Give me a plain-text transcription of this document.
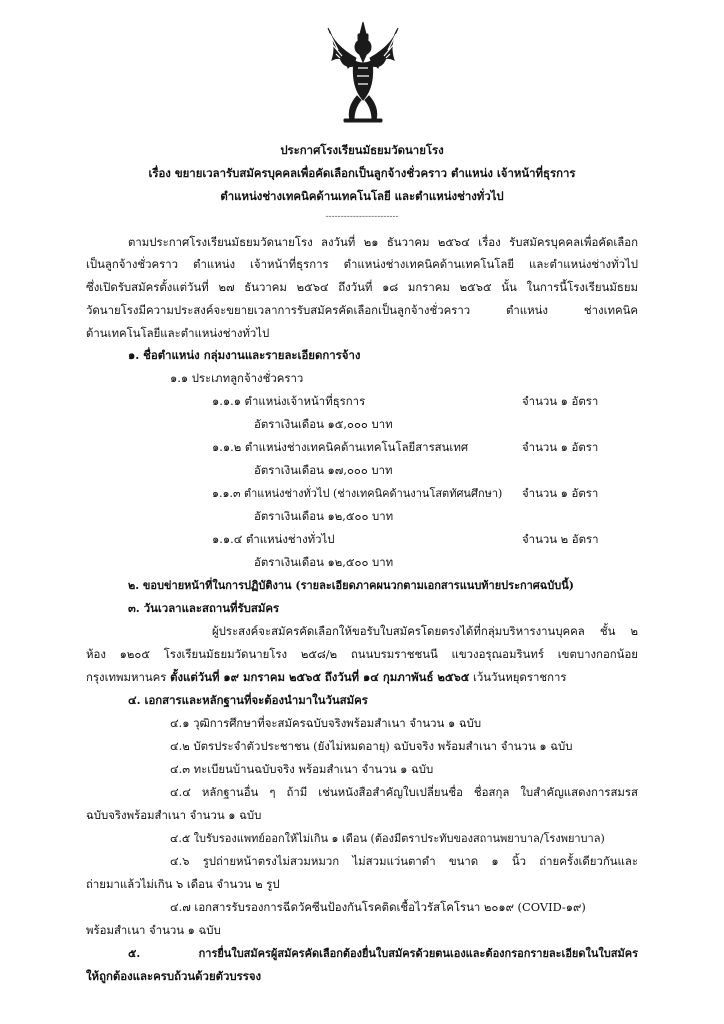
ประกาศโรงเรียนมัธยมวัดนายโรง
เรื่อง ขยายเวลารับสมัครบุคคลเพื่อคัดเลือกเป็นลูกจ้างชั่วคราว ตำแหน่ง เจ้าหน้าที่ธุรการ
ตำแหน่งช่างเทคนิคด้านเทคโนโลยี และตำแหน่งช่างทั่วไป
------------------------
ตามประกาศโรงเรียนมัธยมวัดนายโรง ลงวันที่ ๒๑ ธันวาคม ๒๕๖๔ เรื่อง รับสมัครบุคคลเพื่อคัดเลือก
เป็นลูกจ้างชั่วคราว ตำแหน่ง เจ้าหน้าที่ธุรการ ตำแหน่งช่างเทคนิคด้านเทคโนโลยี และตำแหน่งช่างทั่วไป
ซึ่งเปิดรับสมัครตั้งแต่วันที่ ๒๗ ธันวาคม ๒๕๖๔ ถึงวันที่ ๑๘ มกราคม ๒๕๖๕ นั้น ในการนี้โรงเรียนมัธยม
วัดนายโรงมีความประสงค์จะขยายเวลาการรับสมัครคัดเลือกเป็นลูกจ้างชั่วคราว ตำแหน่ง ช่างเทคนิค
ด้านเทคโนโลยีและตำแหน่งช่างทั่วไป
๑. ชื่อตำแหน่ง กลุ่มงานและรายละเอียดการจ้าง
๑.๑ ประเภทลูกจ้างชั่วคราว
๑.๑.๑ ตำแหน่งเจ้าหน้าที่ธุรการ	จำนวน ๑ อัตรา
อัตราเงินเดือน ๑๕,๐๐๐ บาท
๑.๑.๒ ตำแหน่งช่างเทคนิคด้านเทคโนโลยีสารสนเทศ	จำนวน ๑ อัตรา
อัตราเงินเดือน ๑๗,๐๐๐ บาท
๑.๑.๓ ตำแหน่งช่างทั่วไป (ช่างเทคนิคด้านงานโสตทัศนศึกษา) จำนวน ๑ อัตรา
อัตราเงินเดือน ๑๒,๕๐๐ บาท
๑.๑.๔ ตำแหน่งช่างทั่วไป	จำนวน ๒ อัตรา
อัตราเงินเดือน ๑๒,๕๐๐ บาท
๒. ขอบข่ายหน้าที่ในการปฏิบัติงาน (รายละเอียดภาคผนวกตามเอกสารแนบท้ายประกาศฉบับนี้)
๓. วันเวลาและสถานที่รับสมัคร
ผู้ประสงค์จะสมัครคัดเลือกให้ขอรับใบสมัครโดยตรงได้ที่กลุ่มบริหารงานบุคคล ชั้น ๒
ห้อง ๑๒๐๕ โรงเรียนมัธยมวัดนายโรง ๒๕๘/๒ ถนนบรมราชชนนี แขวงอรุณอมรินทร์ เขตบางกอกน้อย
กรุงเทพมหานคร ตั้งแต่วันที่ ๑๙ มกราคม ๒๕๖๕ ถึงวันที่ ๑๔ กุมภาพันธ์ ๒๕๖๕ เว้นวันหยุดราชการ
๔. เอกสารและหลักฐานที่จะต้องนำมาในวันสมัคร
๔.๑ วุฒิการศึกษาที่จะสมัครฉบับจริงพร้อมสำเนา จำนวน ๑ ฉบับ
๔.๒ บัตรประจำตัวประชาชน (ยังไม่หมดอายุ) ฉบับจริง พร้อมสำเนา จำนวน ๑ ฉบับ
๔.๓ ทะเบียนบ้านฉบับจริง พร้อมสำเนา จำนวน ๑ ฉบับ
๔.๔ หลักฐานอื่น ๆ ถ้ามี เช่นหนังสือสำคัญใบเปลี่ยนชื่อ ชื่อสกุล ใบสำคัญแสดงการสมรส
ฉบับจริงพร้อมสำเนา จำนวน ๑ ฉบับ
๔.๕ ใบรับรองแพทย์ออกให้ไม่เกิน ๑ เดือน (ต้องมีตราประทับของสถานพยาบาล/โรงพยาบาล)
๔.๖ รูปถ่ายหน้าตรงไม่สวมหมวก ไม่สวมแว่นตาดำ ขนาด ๑ นิ้ว ถ่ายครั้งเดียวกันและ
ถ่ายมาแล้วไม่เกิน ๖ เดือน จำนวน ๒ รูป
๔.๗ เอกสารรับรองการฉีดวัคซีนป้องกันโรคติดเชื้อไวรัสโคโรนา ๒๐๑๙ (COVID-๑๙)
พร้อมสำเนา จำนวน ๑ ฉบับ
๕. การยื่นใบสมัครผู้สมัครคัดเลือกต้องยื่นใบสมัครด้วยตนเองและต้องกรอกรายละเอียดในใบสมัคร
ให้ถูกต้องและครบถ้วนด้วยตัวบรรจง
